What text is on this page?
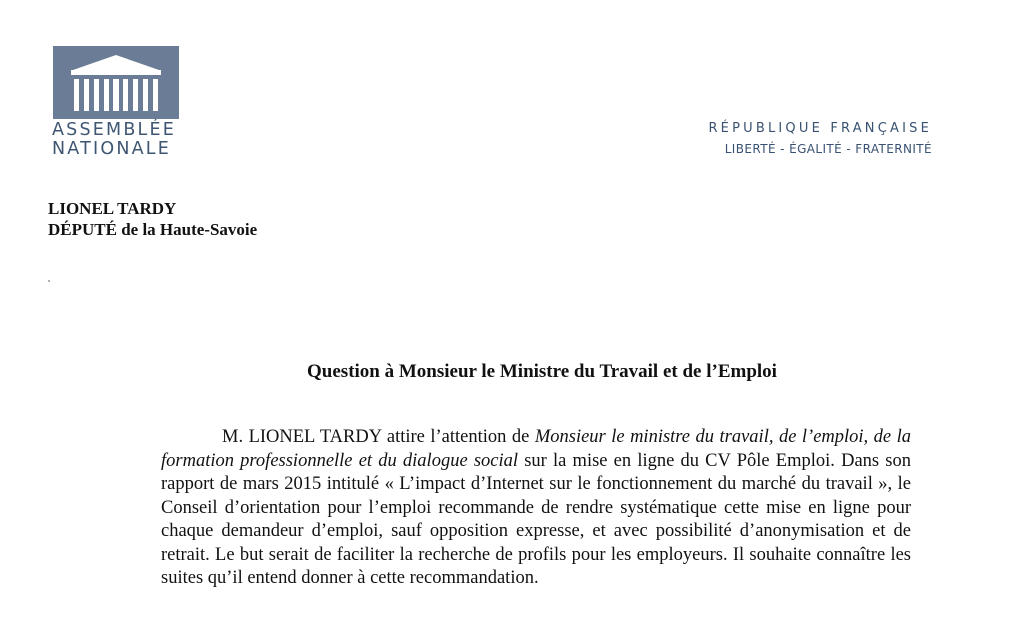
ASSEMBLÉE
NATIONALE
RÉPUBLIQUE FRANÇAISE
LIBERTÉ - ÉGALITÉ - FRATERNITÉ
LIONEL TARDY
DÉPUTÉ de la Haute-Savoie
Question à Monsieur le Ministre du Travail et de l’Emploi
M. LIONEL TARDY attire l’attention de Monsieur le ministre du travail, de l’emploi, de la formation professionnelle et du dialogue social sur la mise en ligne du CV Pôle Emploi. Dans son rapport de mars 2015 intitulé « L’impact d’Internet sur le fonctionnement du marché du travail », le Conseil d’orientation pour l’emploi recommande de rendre systématique cette mise en ligne pour chaque demandeur d’emploi, sauf opposition expresse, et avec possibilité d’anonymisation et de retrait. Le but serait de faciliter la recherche de profils pour les employeurs. Il souhaite connaître les suites qu’il entend donner à cette recommandation.
